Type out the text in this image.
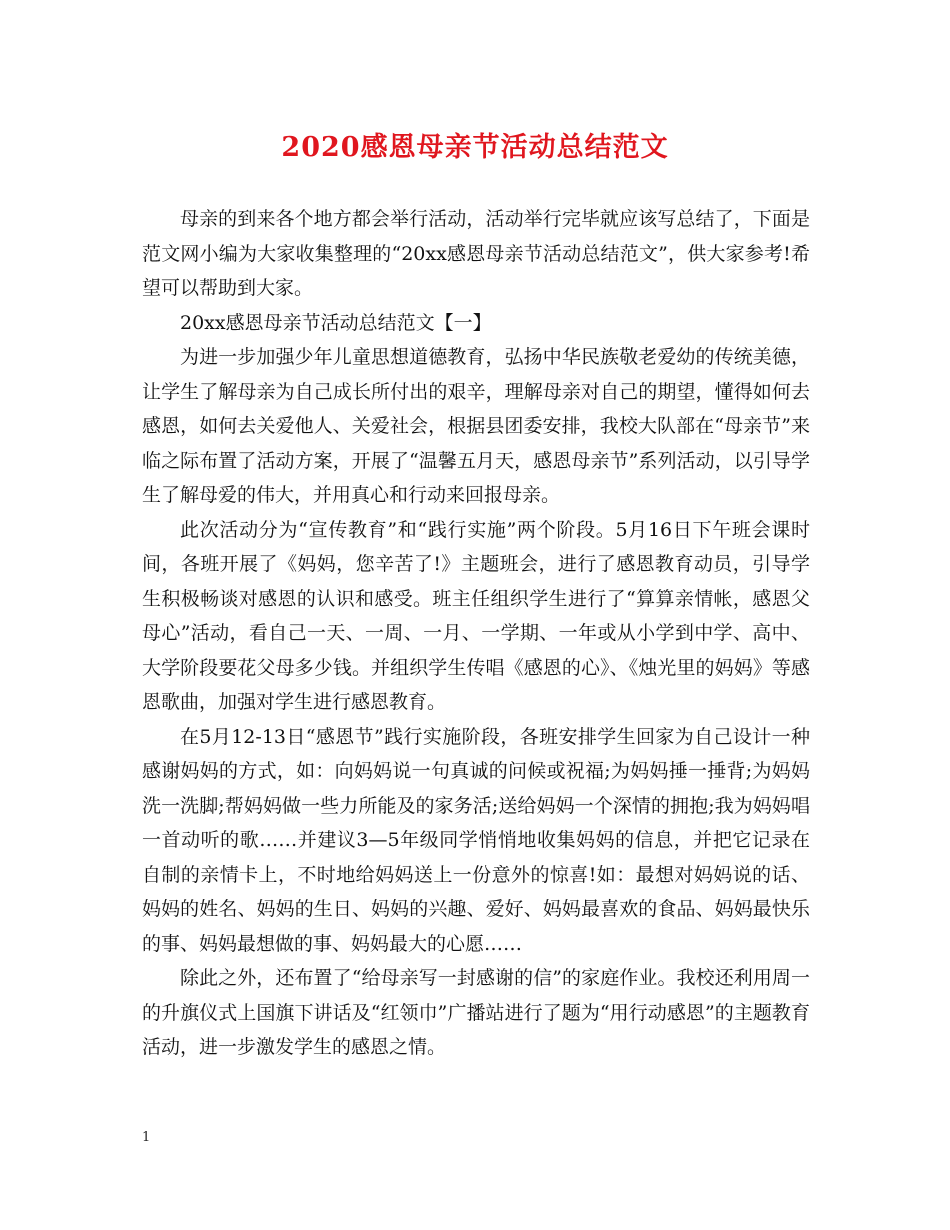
2020感恩母亲节活动总结范文

母亲的到来各个地方都会举行活动，活动举行完毕就应该写总结了，下面是范文网小编为大家收集整理的“20xx感恩母亲节活动总结范文”，供大家参考!希望可以帮助到大家。

20xx感恩母亲节活动总结范文【一】

为进一步加强少年儿童思想道德教育，弘扬中华民族敬老爱幼的传统美德，让学生了解母亲为自己成长所付出的艰辛，理解母亲对自己的期望，懂得如何去感恩，如何去关爱他人、关爱社会，根据县团委安排，我校大队部在“母亲节”来临之际布置了活动方案，开展了“温馨五月天，感恩母亲节”系列活动，以引导学生了解母爱的伟大，并用真心和行动来回报母亲。

此次活动分为“宣传教育”和“践行实施”两个阶段。5月16日下午班会课时间，各班开展了《妈妈，您辛苦了!》主题班会，进行了感恩教育动员，引导学生积极畅谈对感恩的认识和感受。班主任组织学生进行了“算算亲情帐，感恩父母心”活动，看自己一天、一周、一月、一学期、一年或从小学到中学、高中、大学阶段要花父母多少钱。并组织学生传唱《感恩的心》、《烛光里的妈妈》等感恩歌曲，加强对学生进行感恩教育。

在5月12-13日“感恩节”践行实施阶段，各班安排学生回家为自己设计一种感谢妈妈的方式，如：向妈妈说一句真诚的问候或祝福;为妈妈捶一捶背;为妈妈洗一洗脚;帮妈妈做一些力所能及的家务活;送给妈妈一个深情的拥抱;我为妈妈唱一首动听的歌……并建议3—5年级同学悄悄地收集妈妈的信息，并把它记录在自制的亲情卡上，不时地给妈妈送上一份意外的惊喜!如：最想对妈妈说的话、妈妈的姓名、妈妈的生日、妈妈的兴趣、爱好、妈妈最喜欢的食品、妈妈最快乐的事、妈妈最想做的事、妈妈最大的心愿……

除此之外，还布置了“给母亲写一封感谢的信”的家庭作业。我校还利用周一的升旗仪式上国旗下讲话及“红领巾”广播站进行了题为“用行动感恩”的主题教育活动，进一步激发学生的感恩之情。

1
